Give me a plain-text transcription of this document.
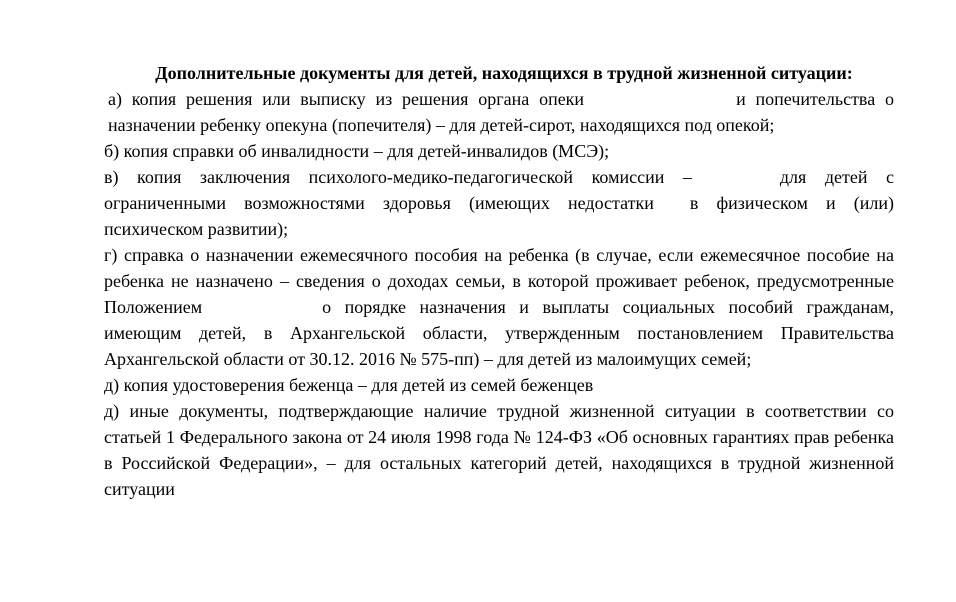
Дополнительные документы для детей, находящихся в трудной жизненной ситуации:

а) копия решения или выписку из решения органа опеки	и попечительства о назначении ребенку опекуна (попечителя) – для детей-сирот, находящихся под опекой;

б) копия справки об инвалидности – для детей-инвалидов (МСЭ);

в) копия заключения психолого-медико-педагогической комиссии –	для детей с ограниченными возможностями здоровья (имеющих недостатки в физическом и (или) психическом развитии);

г) справка о назначении ежемесячного пособия на ребенка (в случае, если ежемесячное пособие на ребенка не назначено – сведения о доходах семьи, в которой проживает ребенок, предусмотренные Положением	о порядке назначения и выплаты социальных пособий гражданам, имеющим детей, в Архангельской области, утвержденным постановлением Правительства Архангельской области от 30.12. 2016 № 575-пп) – для детей из малоимущих семей;

д) копия удостоверения беженца – для детей из семей беженцев

д) иные документы, подтверждающие наличие трудной жизненной ситуации в соответствии со статьей 1 Федерального закона от 24 июля 1998 года № 124-ФЗ «Об основных гарантиях прав ребенка в Российской Федерации», – для остальных категорий детей, находящихся в трудной жизненной ситуации
